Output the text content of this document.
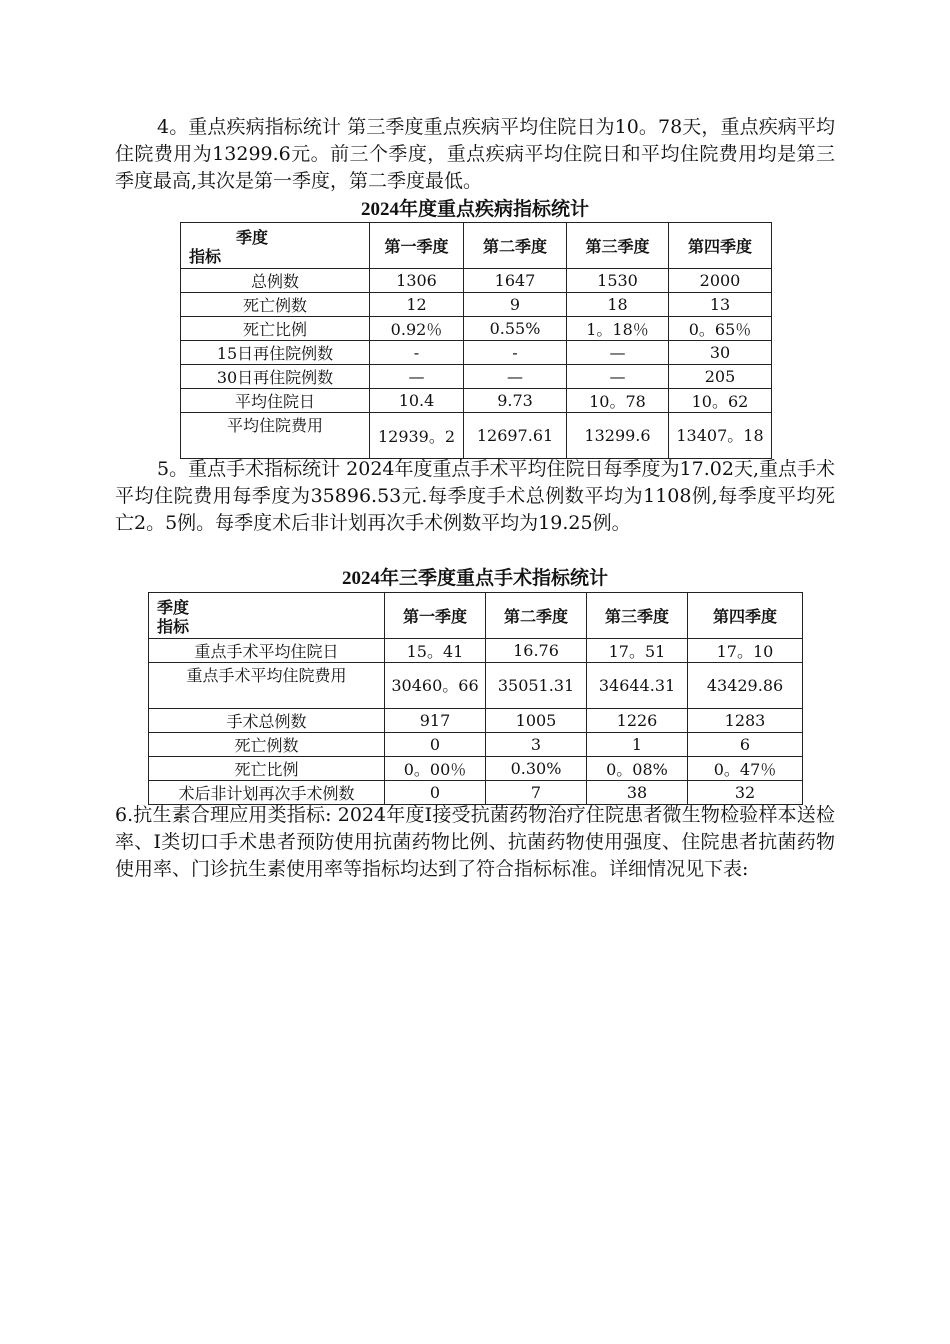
4。重点疾病指标统计 第三季度重点疾病平均住院日为10。78天，重点疾病平均住院费用为13299.6元。前三个季度，重点疾病平均住院日和平均住院费用均是第三季度最高,其次是第一季度，第二季度最低。

2024年度重点疾病指标统计

季度
指标	第一季度	第二季度	第三季度	第四季度
总例数	1306	1647	1530	2000
死亡例数	12	9	18	13
死亡比例	0.92％	0.55%	1。18％	0。65％
15日再住院例数	-	-	—	30
30日再住院例数	—	—	—	205
平均住院日	10.4	9.73	10。78	10。62
平均住院费用	12939。2	12697.61	13299.6	13407。18

5。重点手术指标统计 2024年度重点手术平均住院日每季度为17.02天,重点手术平均住院费用每季度为35896.53元.每季度手术总例数平均为1108例,每季度平均死亡2。5例。每季度术后非计划再次手术例数平均为19.25例。

2024年三季度重点手术指标统计

季度
指标	第一季度	第二季度	第三季度	第四季度
重点手术平均住院日	15。41	16.76	17。51	17。10
重点手术平均住院费用	30460。66	35051.31	34644.31	43429.86
手术总例数	917	1005	1226	1283
死亡例数	0	3	1	6
死亡比例	0。00％	0.30%	0。08%	0。47％
术后非计划再次手术例数	0	7	38	32

6.抗生素合理应用类指标: 2024年度Ⅰ接受抗菌药物治疗住院患者微生物检验样本送检率、Ⅰ类切口手术患者预防使用抗菌药物比例、抗菌药物使用强度、住院患者抗菌药物使用率、门诊抗生素使用率等指标均达到了符合指标标准。详细情况见下表:
